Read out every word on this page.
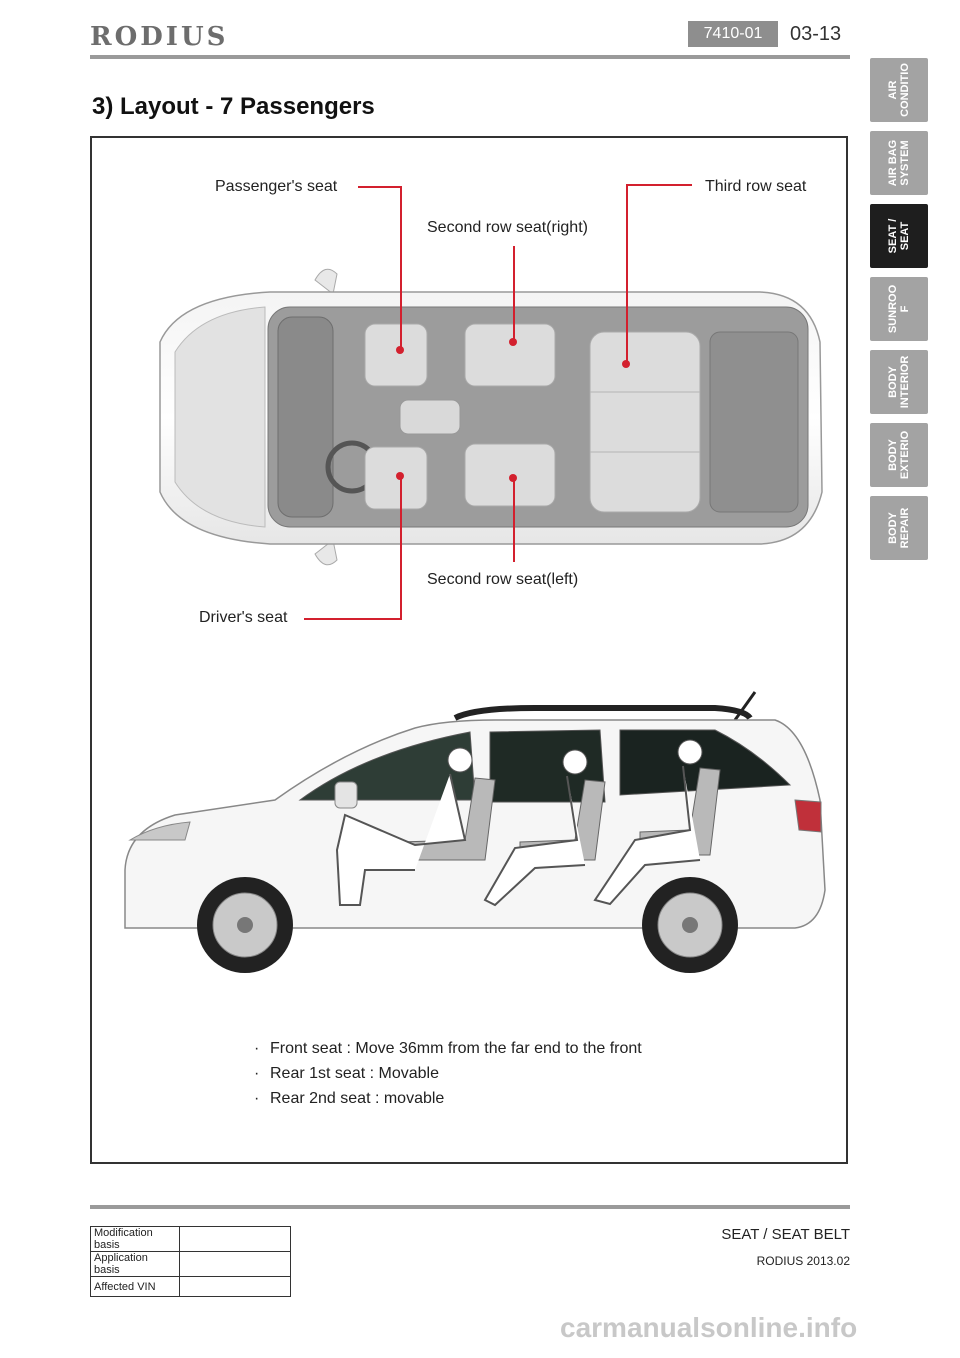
RODIUS	7410-01	03-13
3) Layout - 7 Passengers
AIR
CONDITIO
AIR BAG
SYSTEM
SEAT /
SEAT
SUNROO
F
BODY
INTERIOR
BODY
EXTERIO
BODY
REPAIR
Passenger's seat	Third row seat
Second row seat(right)
Second row seat(left)
Driver's seat
· Front seat : Move 36mm from the far end to the front
· Rear 1st seat : Movable
· Rear 2nd seat : movable
Modification basis	
Application basis	
Affected VIN	
SEAT / SEAT BELT
RODIUS 2013.02
carmanualsonline.info
